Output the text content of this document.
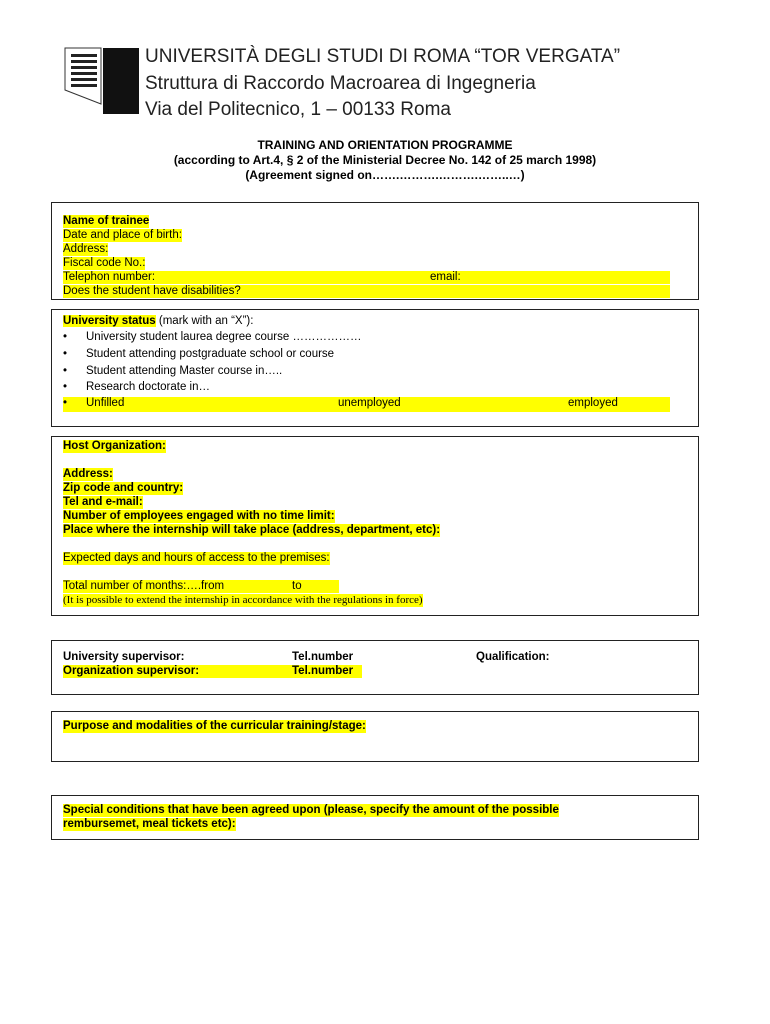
UNIVERSITÀ DEGLI STUDI DI ROMA “TOR VERGATA”
Struttura di Raccordo Macroarea di Ingegneria
Via del Politecnico, 1 – 00133 Roma
TRAINING AND ORIENTATION PROGRAMME
(according to Art.4, § 2 of the Ministerial Decree No. 142 of 25 march 1998)
(Agreement signed on…….……….……….……..…)
Name of trainee
Date and place of birth:
Address:
Fiscal code No.:
Telephon number:	email:
Does the student have disabilities?
University status (mark with an “X”):
• University student laurea degree course ………………
• Student attending postgraduate school or course
• Student attending Master course in…..
• Research doctorate in…
• Unfilled	unemployed	employed
Host Organization:
Address:
Zip code and country:
Tel and e-mail:
Number of employees engaged with no time limit:
Place where the internship will take place (address, department, etc):
Expected days and hours of access to the premises:
Total number of months:….from	to
(It is possible to extend the internship in accordance with the regulations in force)
University supervisor:	Tel.number	Qualification:
Organization supervisor:	Tel.number
Purpose and modalities of the curricular training/stage:
Special conditions that have been agreed upon (please, specify the amount of the possible
rembursemet, meal tickets etc):
